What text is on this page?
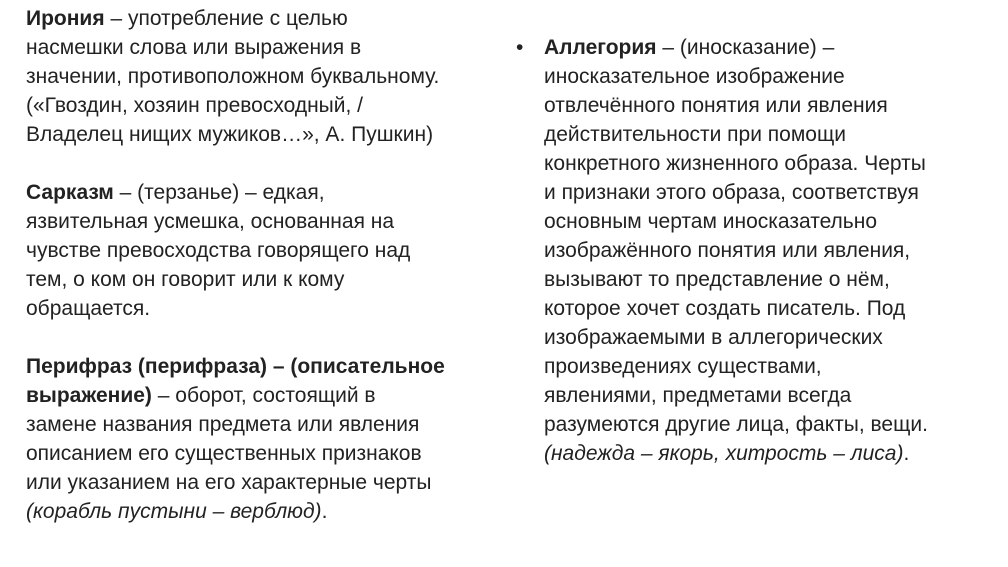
Ирония – употребление с целью
насмешки слова или выражения в
значении, противоположном буквальному.
(«Гвоздин, хозяин превосходный, /
Владелец нищих мужиков…», А. Пушкин)
Сарказм – (терзанье) – едкая,
язвительная усмешка, основанная на
чувстве превосходства говорящего над
тем, о ком он говорит или к кому
обращается.
Перифраз (перифраза) – (описательное
выражение) – оборот, состоящий в
замене названия предмета или явления
описанием его существенных признаков
или указанием на его характерные черты
(корабль пустыни – верблюд).
• Аллегория – (иносказание) –
иносказательное изображение
отвлечённого понятия или явления
действительности при помощи
конкретного жизненного образа. Черты
и признаки этого образа, соответствуя
основным чертам иносказательно
изображённого понятия или явления,
вызывают то представление о нём,
которое хочет создать писатель. Под
изображаемыми в аллегорических
произведениях существами,
явлениями, предметами всегда
разумеются другие лица, факты, вещи.
(надежда – якорь, хитрость – лиса).
